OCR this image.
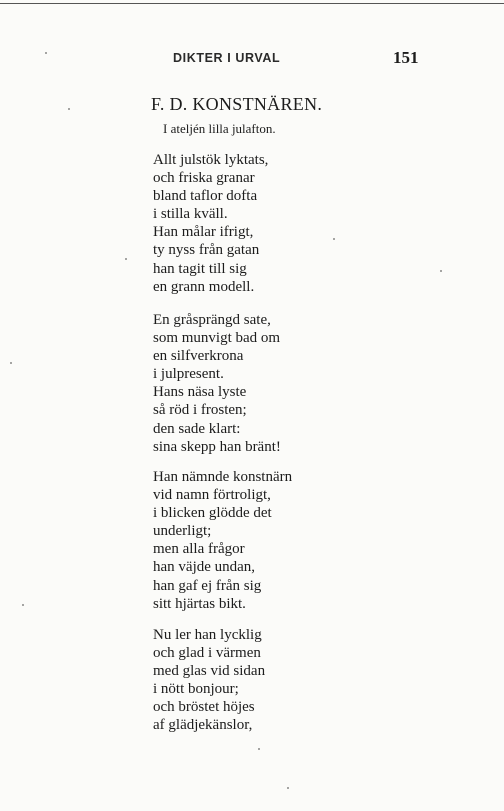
DIKTER I URVAL	151
F. D. KONSTNÄREN.
I ateljén lilla julafton.
Allt julstök lyktats,
och friska granar
bland taflor dofta
i stilla kväll.
Han målar ifrigt,
ty nyss från gatan
han tagit till sig
en grann modell.
En gråsprängd sate,
som munvigt bad om
en silfverkrona
i julpresent.
Hans näsa lyste
så röd i frosten;
den sade klart:
sina skepp han bränt!
Han nämnde konstnärn
vid namn förtroligt,
i blicken glödde det
underligt;
men alla frågor
han väjde undan,
han gaf ej från sig
sitt hjärtas bikt.
Nu ler han lycklig
och glad i värmen
med glas vid sidan
i nött bonjour;
och bröstet höjes
af glädjekänslor,
